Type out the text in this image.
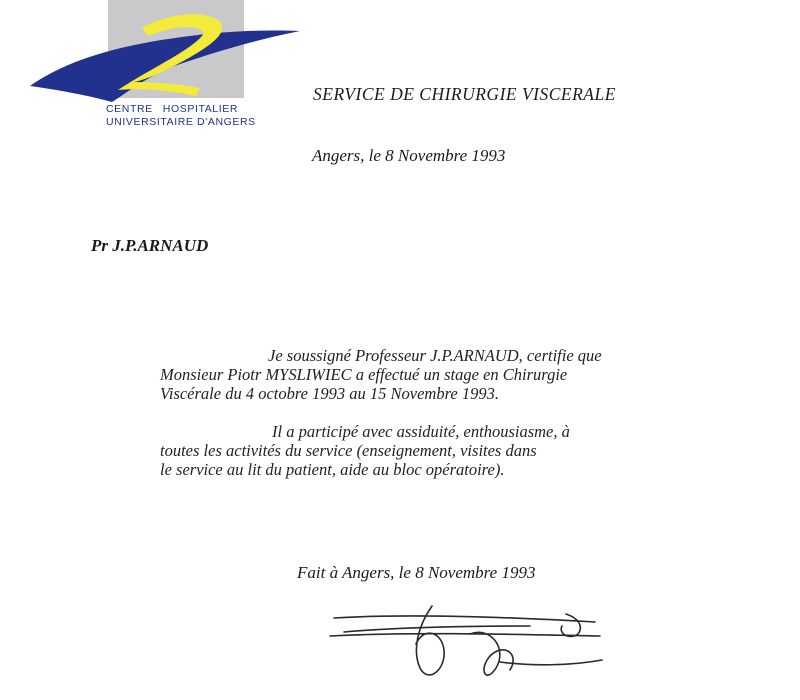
CENTRE HOSPITALIER
UNIVERSITAIRE D'ANGERS
SERVICE DE CHIRURGIE VISCERALE
Angers, le 8 Novembre 1993
Pr J.P.ARNAUD
Je soussigné Professeur J.P.ARNAUD, certifie que
Monsieur Piotr MYSLIWIEC a effectué un stage en Chirurgie
Viscérale du 4 octobre 1993 au 15 Novembre 1993.
Il a participé avec assiduité, enthousiasme, à
toutes les activités du service (enseignement, visites dans
le service au lit du patient, aide au bloc opératoire).
Fait à Angers, le 8 Novembre 1993
